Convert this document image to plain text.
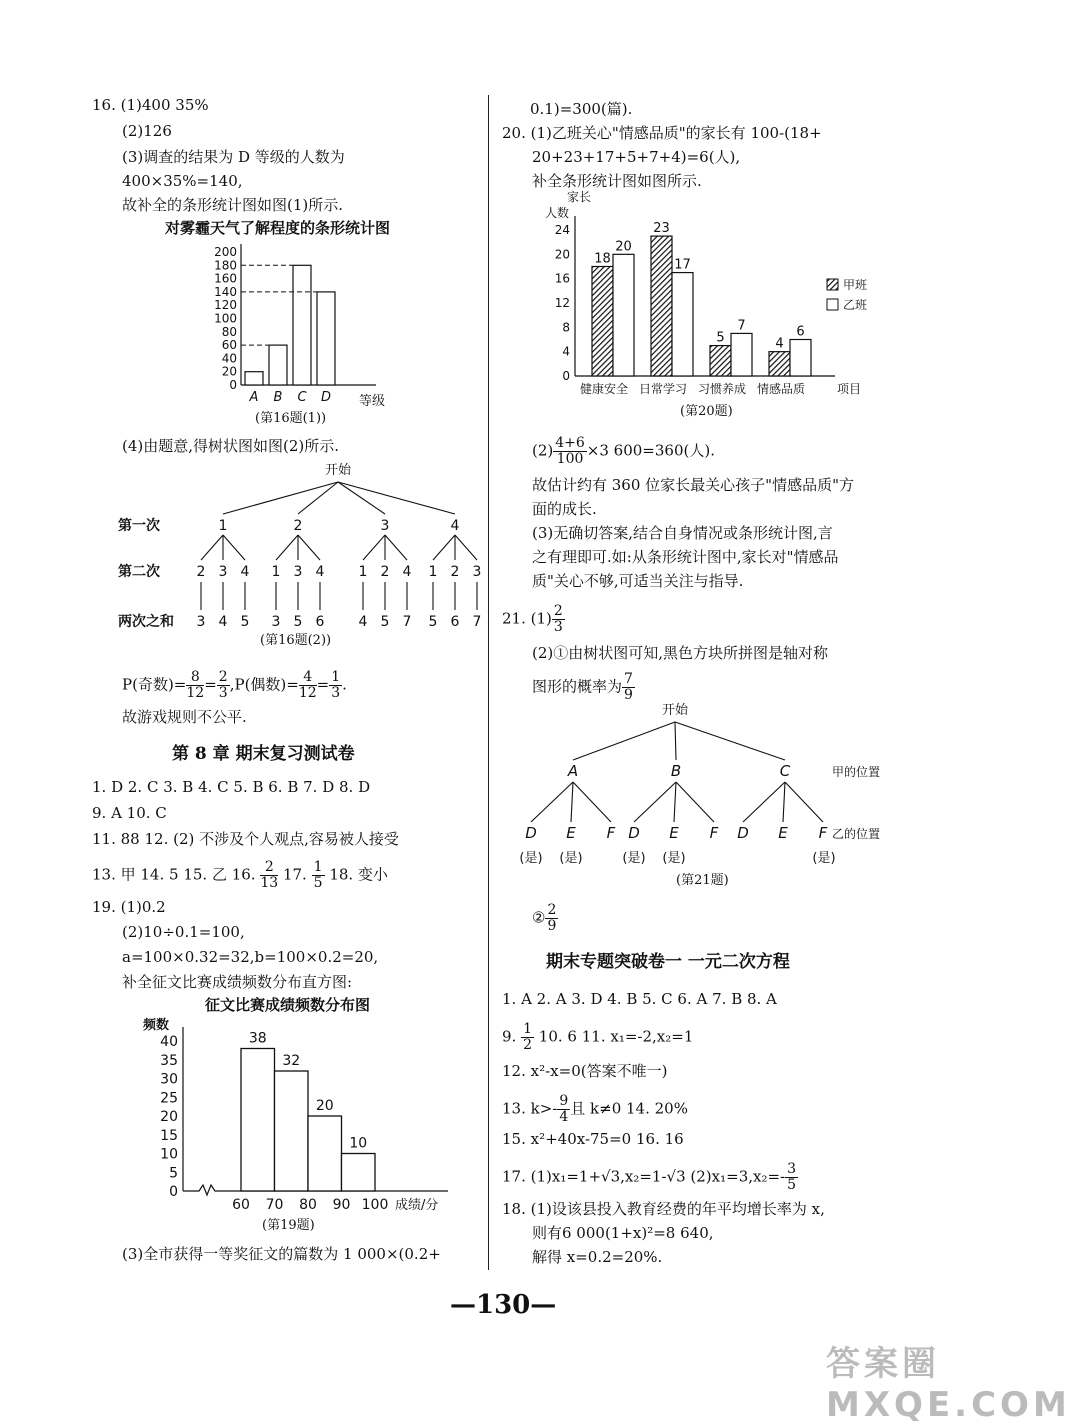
16. (1)400 35%
(2)126
(3)调查的结果为 D 等级的人数为
400×35%=140,
故补全的条形统计图如图(1)所示.
对雾霾天气了解程度的条形统计图
0
20
40
60
80
100
120
140
160
180
200
A B C D 等级
(第16题(1))
(4)由题意,得树状图如图(2)所示.
开始
第一次
第二次
两次之和
1
2
3
3
4
4
5
2
1
3
3
5
4
6
3
1
4
2
5
4
7
4
1
5
2
6
3
7
(第16题(2))
P(奇数)= $\frac{8}{12} = \frac{2}{3} ,P$(偶数)= $\frac{4}{12} = \frac{1}{3}$ .
故游戏规则不公平.
第 8 章 期末复习测试卷
1. D 2. C 3. B 4. C 5. B 6. B 7. D 8. D
9. A 10. C
11. 88 12. (2) 不涉及个人观点,容易被人接受
13. 甲 14. 5 15. 乙 16. $\frac{2}{13} 17$. $\frac{1}{5} 18$. 变小
19. (1)0.2
(2)10÷0.1=100,
a=100×0.32=32,b=100×0.2=20,
补全征文比赛成绩频数分布直方图:
征文比赛成绩频数分布图
频数
0
5
10
15
20
25
30
35
40	38
32
20
10
60 70 80 90 100 成绩/分
(第19题)
(3)全市获得一等奖征文的篇数为 1 000×(0.2+
0.1)=300(篇).
20. (1)乙班关心"情感品质"的家长有 100-(18+
20+23+17+5+7+4)=6(人),
补全条形统计图如图所示.
家长
人数
0
4
8
12
16
20
24
18
20
健康安全
23
17
日常学习
5
7
习惯养成
4
6
情感品质	项目
甲班
乙班
(第20题)
$(2) \frac{4+6}{100} \times 3$ 600=360(人).
故估计约有 360 位家长最关心孩子"情感品质"方
面的成长.
(3)无确切答案,结合自身情况或条形统计图,言
之有理即可.如:从条形统计图中,家长对"情感品
质"关心不够,可适当关注与指导.
21. $(1) \frac{2}{3}$
(2)①由树状图可知,黑色方块所拼图是轴对称
图形的概率为 $\frac{7}{9}$
开始
A
D E F
B
D E F
C
D E F
甲的位置
乙的位置
(是) (是)	(是) (是)	(是)
(第21题)
② $\frac{2}{9}$
期末专题突破卷一 一元二次方程
1. A 2. A 3. D 4. B 5. C 6. A 7. B 8. A
9. $\frac{1}{2} 10$. 6 11. x₁=-2,x₂=1
12. x²-x=0(答案不唯一)
13. $k>- \frac{9}{4}$ 且 k≠0 14. 20%
15. x²+40x-75=0 16. 16
17. (1)x₁=1+√3,x₂=1-√3 $(2)x_1=3,x_2=- \frac{3}{5}$
18. (1)设该县投入教育经费的年平均增长率为 x,
则有6 000(1+x)²=8 640,
解得 x=0.2=20%.
—130—
答案圈 MXQE.COM
